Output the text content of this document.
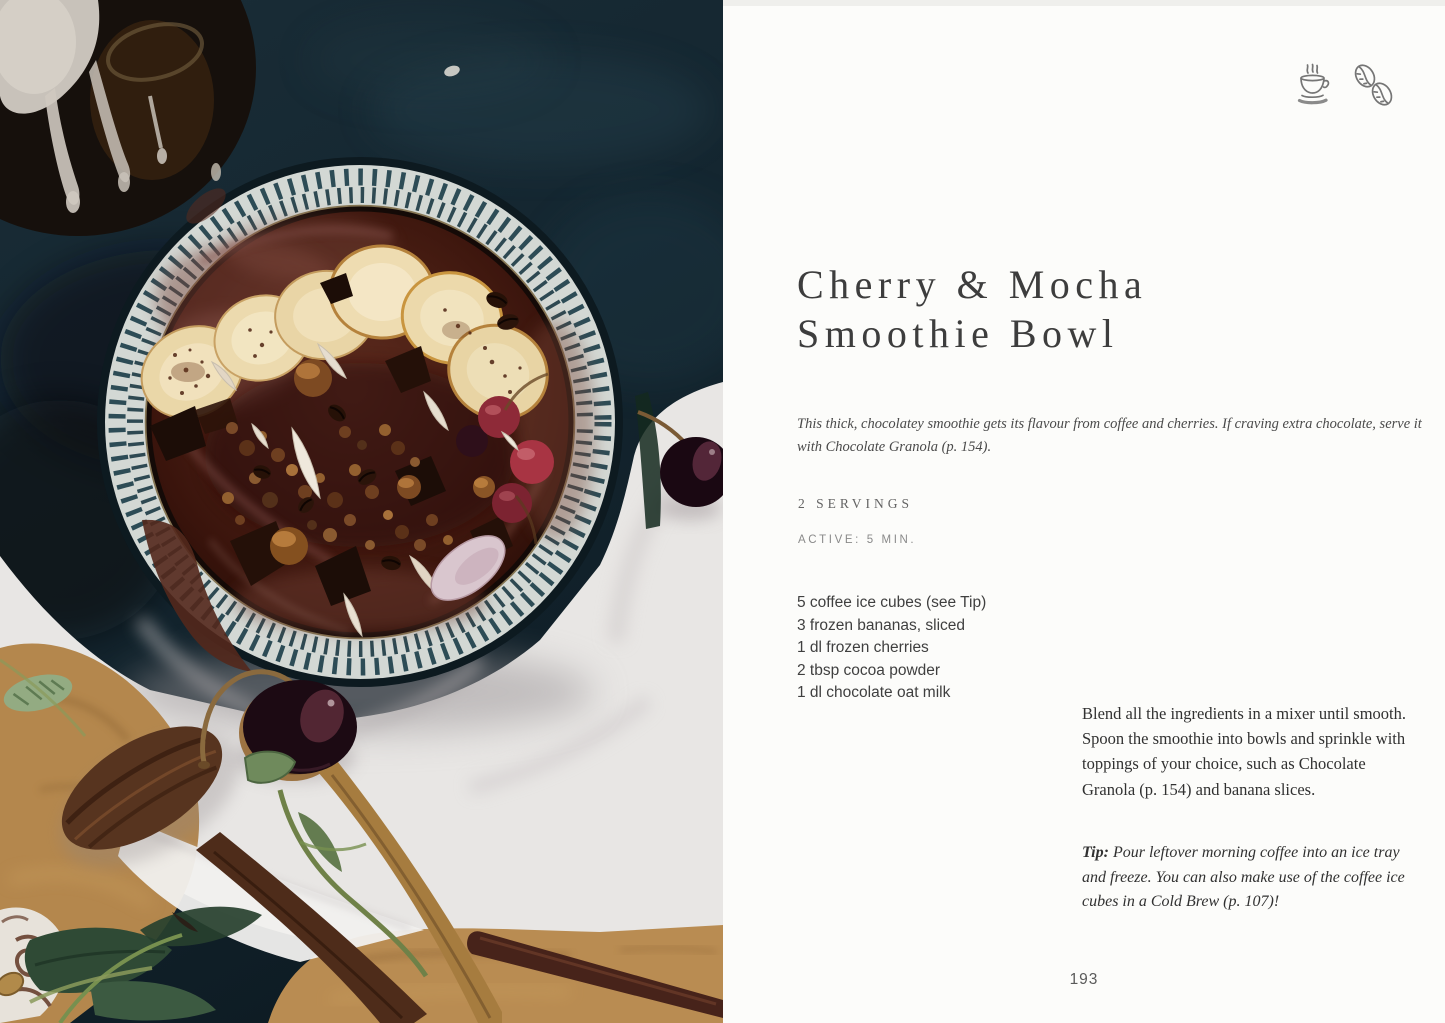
Cherry & Mocha
Smoothie Bowl

This thick, chocolatey smoothie gets its flavour from coffee and cherries. If craving extra chocolate, serve it with Chocolate Granola (p. 154).

2 SERVINGS
ACTIVE: 5 MIN.
5 coffee ice cubes (see Tip)
3 frozen bananas, sliced
1 dl frozen cherries
2 tbsp cocoa powder
1 dl chocolate oat milk

Blend all the ingredients in a mixer until smooth. Spoon the smoothie into bowls and sprinkle with toppings of your choice, such as Chocolate Granola (p. 154) and banana slices.

Tip: Pour leftover morning coffee into an ice tray and freeze. You can also make use of the coffee ice cubes in a Cold Brew (p. 107)!

193
